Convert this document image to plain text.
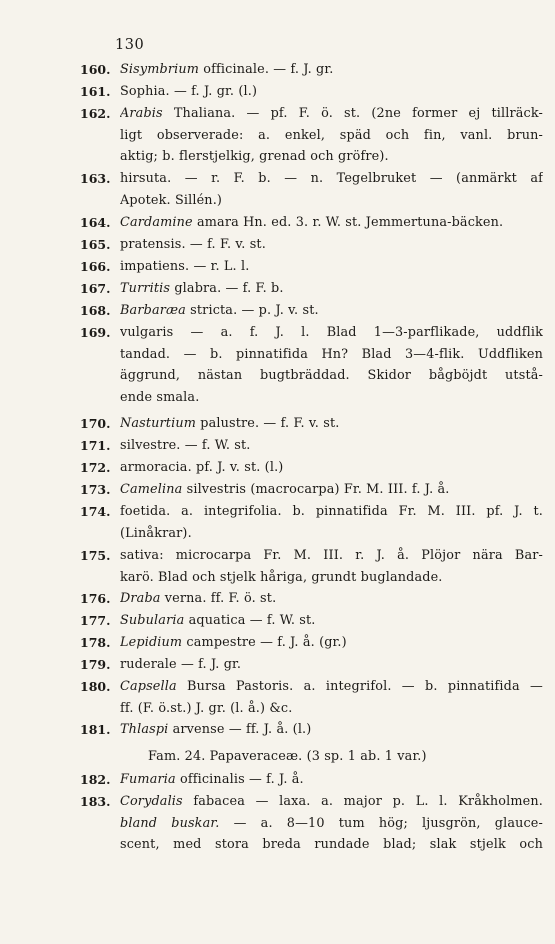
130
160. Sisymbrium officinale. — f. J. gr.
161. Sophia. — f. J. gr. (l.)
162. Arabis Thaliana. — pf. F. ö. st. (2ne former ej tillräck-
ligt observerade: a. enkel, späd och fin, vanl. brun-
aktig; b. flerstjelkig, grenad och gröfre).
163. hirsuta. — r. F. b. — n. Tegelbruket — (anmärkt af
Apotek. Sillén.)
164. Cardamine amara Hn. ed. 3. r. W. st. Jemmertuna-bäcken.
165. pratensis. — f. F. v. st.
166. impatiens. — r. L. l.
167. Turritis glabra. — f. F. b.
168. Barbaræa stricta. — p. J. v. st.
169. vulgaris — a. f. J. l. Blad 1—3-parflikade, uddflik
tandad. — b. pinnatifida Hn? Blad 3—4-flik. Uddfliken
äggrund, nästan bugtbräddad. Skidor bågböjdt utstå-
ende smala.
170. Nasturtium palustre. — f. F. v. st.
171. silvestre. — f. W. st.
172. armoracia. pf. J. v. st. (l.)
173. Camelina silvestris (macrocarpa) Fr. M. III. f. J. å.
174. foetida. a. integrifolia. b. pinnatifida Fr. M. III. pf. J. t.
(Linåkrar).
175. sativa: microcarpa Fr. M. III. r. J. å. Plöjor nära Bar-
karö. Blad och stjelk håriga, grundt buglandade.
176. Draba verna. ff. F. ö. st.
177. Subularia aquatica — f. W. st.
178. Lepidium campestre — f. J. å. (gr.)
179. ruderale — f. J. gr.
180. Capsella Bursa Pastoris. a. integrifol. — b. pinnatifida —
ff. (F. ö.st.) J. gr. (l. å.) &c.
181. Thlaspi arvense — ff. J. å. (l.)
182. Fumaria officinalis — f. J. å.
183. Corydalis fabacea — laxa. a. major p. L. l. Kråkholmen.
bland buskar. — a. 8—10 tum hög; ljusgrön, glauce-
scent, med stora breda rundade blad; slak stjelk och
Fam. 24. Papaveraceæ. (3 sp. 1 ab. 1 var.)
